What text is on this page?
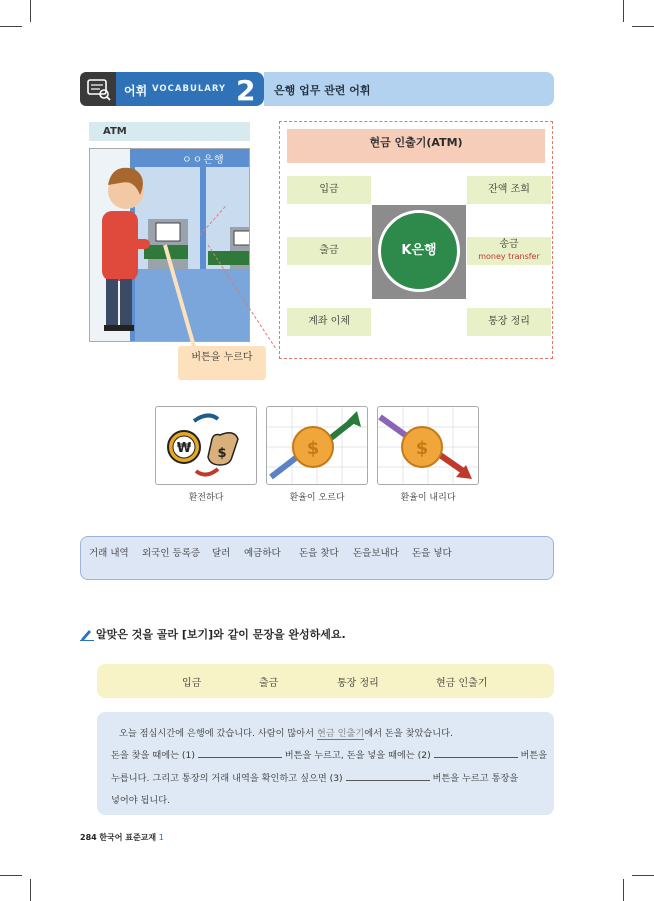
어휘 VOCABULARY 2 은행 업무 관련 어휘
ATM
ㅇㅇ은행
버튼을 누르다
현금 인출기(ATM)
입금
출금
계좌 이체
잔액 조회
송금
money transfer
통장 정리
K은행
₩ $	$	$
환전하다	환율이 오르다	환율이 내리다
거래 내역 외국인 등록증 달러 예금하다 돈을 찾다 돈을보내다 돈을 넣다
알맞은 것을 골라 [보기]와 같이 문장을 완성하세요.
입금	출금	통장 정리	현금 인출기
오늘 점심시간에 은행에 갔습니다. 사람이 많아서 현금 인출기에서 돈을 찾았습니다.
돈을 찾을 때에는 (1)	버튼을 누르고, 돈을 넣을 때에는 (2)	버튼을
누릅니다. 그리고 통장의 거래 내역을 확인하고 싶으면 (3)	버튼을 누르고 통장을
넣어야 됩니다.
284 한국어 표준교재 1
